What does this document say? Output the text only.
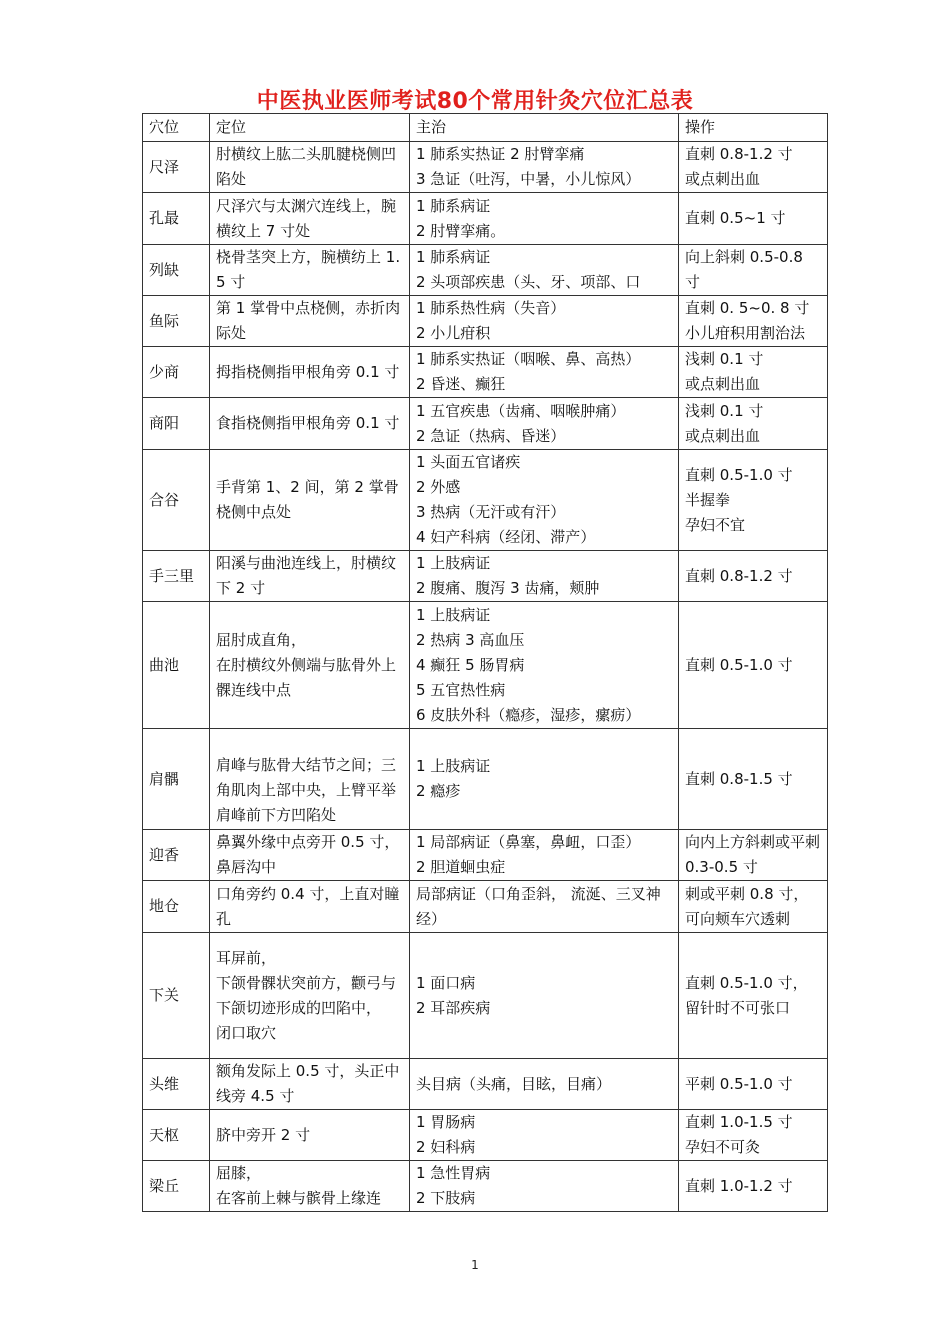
中医执业医师考试80个常用针灸穴位汇总表
穴位	定位	主治	操作
尺泽	肘横纹上肱二头肌腱桡侧凹陷处	1 肺系实热证 2 肘臂挛痛
3 急证（吐泻，中暑，小儿惊风）	直刺 0.8-1.2 寸
或点刺出血

孔最	尺泽穴与太渊穴连线上，腕横纹上 7 寸处	1 肺系病证
2 肘臂挛痛。	直刺 0.5~1 寸

列缺	桡骨茎突上方，腕横纺上 1.5 寸	1 肺系病证
2 头项部疾患（头、牙、项部、口	向上斜刺 0.5-0.8 寸

鱼际	第 1 掌骨中点桡侧，赤折肉际处	1 肺系热性病（失音）
2 小儿疳积	直刺 0. 5~0. 8 寸
小儿疳积用割治法

少商	拇指桡侧指甲根角旁 0.1 寸	1 肺系实热证（咽喉、鼻、高热）
2 昏迷、癫狂	浅刺 0.1 寸
或点刺出血

商阳	食指桡侧指甲根角旁 0.1 寸	1 五官疾患（齿痛、咽喉肿痛）
2 急证（热病、昏迷）	浅刺 0.1 寸
或点刺出血

合谷	手背第 1、2 间，第 2 掌骨桡侧中点处	1 头面五官诸疾
2 外感
3 热病（无汗或有汗）
4 妇产科病（经闭、滞产）	直刺 0.5-1.0 寸
半握拳
孕妇不宜

手三里	阳溪与曲池连线上，肘横纹下 2 寸	1 上肢病证
2 腹痛、腹泻 3 齿痛，颊肿	直刺 0.8-1.2 寸

曲池	屈肘成直角，
在肘横纹外侧端与肱骨外上髁连线中点	1 上肢病证
2 热病 3 高血压
4 癫狂 5 肠胃病
5 五官热性病
6 皮肤外科（瘾疹，湿疹，瘰疬）	直刺 0.5-1.0 寸

肩髃	肩峰与肱骨大结节之间；三角肌肉上部中央，上臂平举肩峰前下方凹陷处	1 上肢病证
2 瘾疹	直刺 0.8-1.5 寸

迎香	鼻翼外缘中点旁开 0.5 寸，鼻唇沟中	1 局部病证（鼻塞，鼻衄，口歪）
2 胆道蛔虫症	向内上方斜刺或平刺 0.3-0.5 寸

地仓	口角旁约 0.4 寸，上直对瞳孔	局部病证（口角歪斜， 流涎、三叉神经）	刺或平刺 0.8 寸，可向颊车穴透刺

下关	耳屏前，
下颌骨髁状突前方，颧弓与下颌切迹形成的凹陷中，
闭口取穴	1 面口病
2 耳部疾病	直刺 0.5-1.0 寸，
留针时不可张口

头维	额角发际上 0.5 寸，头正中线旁 4.5 寸	头目病（头痛，目眩，目痛）	平刺 0.5-1.0 寸

天枢	脐中旁开 2 寸	1 胃肠病
2 妇科病	直刺 1.0-1.5 寸
孕妇不可灸

梁丘	屈膝，
在客前上棘与髌骨上缘连	1 急性胃病
2 下肢病	直刺 1.0-1.2 寸
1
